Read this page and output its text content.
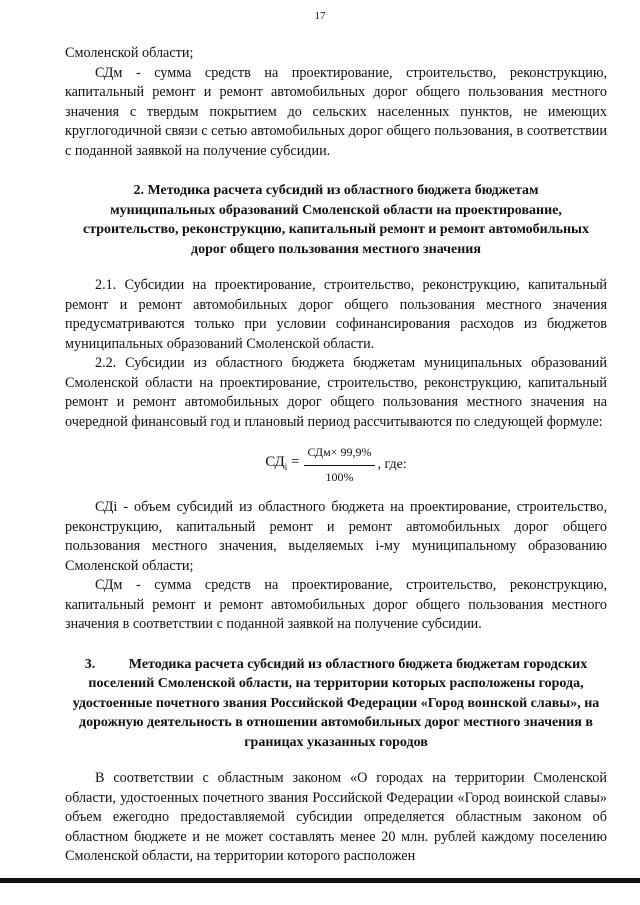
17

Смоленской области;

СДм - сумма средств на проектирование, строительство, реконструкцию, капитальный ремонт и ремонт автомобильных дорог общего пользования местного значения с твердым покрытием до сельских населенных пунктов, не имеющих круглогодичной связи с сетью автомобильных дорог общего пользования, в соответствии с поданной заявкой на получение субсидии.

2. Методика расчета субсидий из областного бюджета бюджетам муниципальных образований Смоленской области на проектирование, строительство, реконструкцию, капитальный ремонт и ремонт автомобильных дорог общего пользования местного значения

2.1. Субсидии на проектирование, строительство, реконструкцию, капитальный ремонт и ремонт автомобильных дорог общего пользования местного значения предусматриваются только при условии софинансирования расходов из бюджетов муниципальных образований Смоленской области.

2.2. Субсидии из областного бюджета бюджетам муниципальных образований Смоленской области на проектирование, строительство, реконструкцию, капитальный ремонт и ремонт автомобильных дорог общего пользования местного значения на очередной финансовый год и плановый период рассчитываются по следующей формуле:

$СД_i = \frac{\text{СДм× 99,9\%}}{100\%}$ , где:

СДi - объем субсидий из областного бюджета на проектирование, строительство, реконструкцию, капитальный ремонт и ремонт автомобильных дорог общего пользования местного значения, выделяемых i-му муниципальному образованию Смоленской области;

СДм - сумма средств на проектирование, строительство, реконструкцию, капитальный ремонт и ремонт автомобильных дорог общего пользования местного значения в соответствии с поданной заявкой на получение субсидии.

3. Методика расчета субсидий из областного бюджета бюджетам городских поселений Смоленской области, на территории которых расположены города, удостоенные почетного звания Российской Федерации «Город воинской славы», на дорожную деятельность в отношении автомобильных дорог местного значения в границах указанных городов

В соответствии с областным законом «О городах на территории Смоленской области, удостоенных почетного звания Российской Федерации «Город воинской славы» объем ежегодно предоставляемой субсидии определяется областным законом об областном бюджете и не может составлять менее 20 млн. рублей каждому поселению Смоленской области, на территории которого расположен
